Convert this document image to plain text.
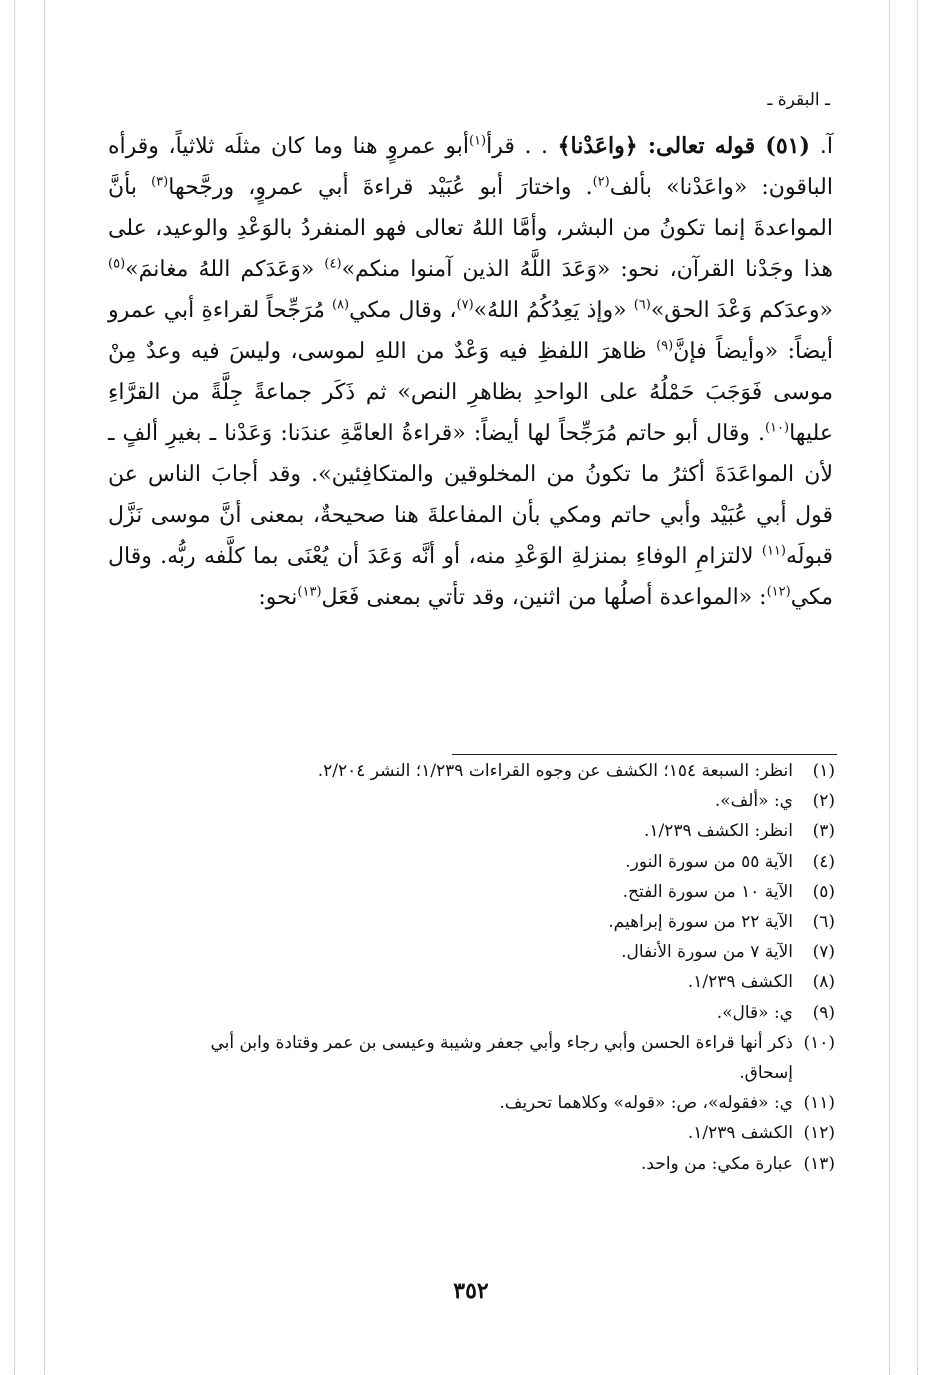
ـ البقرة ـ

آ.(٥١) قوله تعالى: ﴿واعَدْنا﴾ . . قرأ$^{(١)}$أبو عمروٍ هنا وما كان مثلَه ثلاثياً، وقرأه الباقون: «واعَدْنا» بألف$^{(٢)}$. واختارَ أبو عُبَيْد قراءةَ أبي عمروٍ، ورجَّحها$^{(٣)}$ بأنَّ المواعدةَ إنما تكونُ من البشر، وأمَّا اللهُ تعالى فهو المنفردُ بالوَعْدِ والوعيد، على هذا وجَدْنا القرآن، نحو: «وَعَدَ اللَّهُ الذين آمنوا منكم»$^{(٤)}$ «وَعَدَكم اللهُ مغانمَ»$^{(٥)}$ «وعدَكم وَعْدَ الحق»$^{(٦)}$ «وإذ يَعِدُكُمُ اللهُ»$^{(٧)}$، وقال مكي$^{(٨)}$ مُرَجِّحاً لقراءةِ أبي عمرو أيضاً: «وأيضاً فإنَّ$^{(٩)}$ ظاهرَ اللفظِ فيه وَعْدٌ من اللهِ لموسى، وليسَ فيه وعدٌ مِنْ موسى فَوَجَبَ حَمْلُهُ على الواحدِ بظاهرِ النص» ثم ذَكَر جماعةً جِلَّةً من القرَّاءِ عليها$^{(١٠)}$. وقال أبو حاتم مُرَجِّحاً لها أيضاً: «قراءةُ العامَّةِ عندَنا: وَعَدْنا ـ بغيرِ ألفٍ ـ لأن المواعَدَةَ أكثرُ ما تكونُ من المخلوقين والمتكافِئين». وقد أجابَ الناس عن قول أبي عُبَيْد وأبي حاتم ومكي بأن المفاعلةَ هنا صحيحةٌ، بمعنى أنَّ موسى نَزَّل قبولَه$^{(١١)}$ لالتزامِ الوفاءِ بمنزلةِ الوَعْدِ منه، أو أنَّه وَعَدَ أن يُعْنَى بما كلَّفه ربُّه. وقال مكي$^{(١٢)}$: «المواعدة أصلُها من اثنين، وقد تأتي بمعنى فَعَل$^{(١٣)}$نحو:

(١)انظر: السبعة ١٥٤؛ الكشف عن وجوه القراءات ١/٢٣٩؛ النشر ٢/٢٠٤.
(٢)ي: «ألف».
(٣)انظر: الكشف ١/٢٣٩.
(٤)الآية ٥٥ من سورة النور.
(٥)الآية ١٠ من سورة الفتح.
(٦)الآية ٢٢ من سورة إبراهيم.
(٧)الآية ٧ من سورة الأنفال.
(٨)الكشف ١/٢٣٩.
(٩)ي: «قال».
(١٠)ذكر أنها قراءة الحسن وأبي رجاء وأبي جعفر وشيبة وعيسى بن عمر وقتادة وابن أبي إسحاق.
(١١)ي: «فقوله»، ص: «قوله» وكلاهما تحريف.
(١٢)الكشف ١/٢٣٩.
(١٣)عبارة مكي: من واحد.
٣٥٢
